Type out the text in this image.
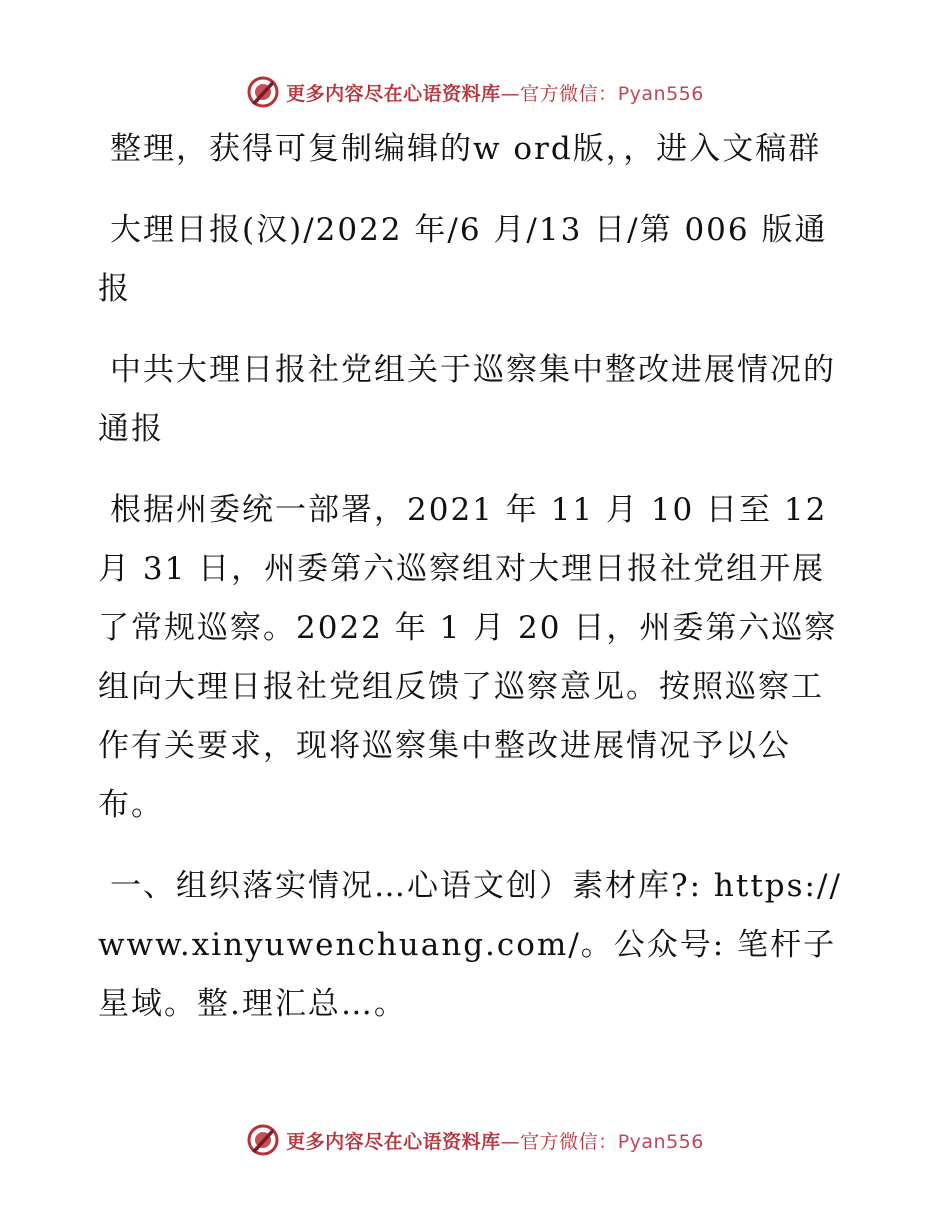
更多内容尽在心语资料库—官方微信：Pyan556

整理，获得可复制编辑的w ord版，，进入文稿群

大理日报(汉)/2022 年/6 月/13 日/第 006 版通报

中共大理日报社党组关于巡察集中整改进展情况的通报

根据州委统一部署，2021 年 11 月 10 日至 12 月 31 日，州委第六巡察组对大理日报社党组开展了常规巡察。2022 年 1 月 20 日，州委第六巡察组向大理日报社党组反馈了巡察意见。按照巡察工作有关要求，现将巡察集中整改进展情况予以公布。

一、组织落实情况…心语文创）素材库?: https://www.xinyuwenchuang.com/。公众号: 笔杆子星域。整.理汇总…。

更多内容尽在心语资料库—官方微信：Pyan556
